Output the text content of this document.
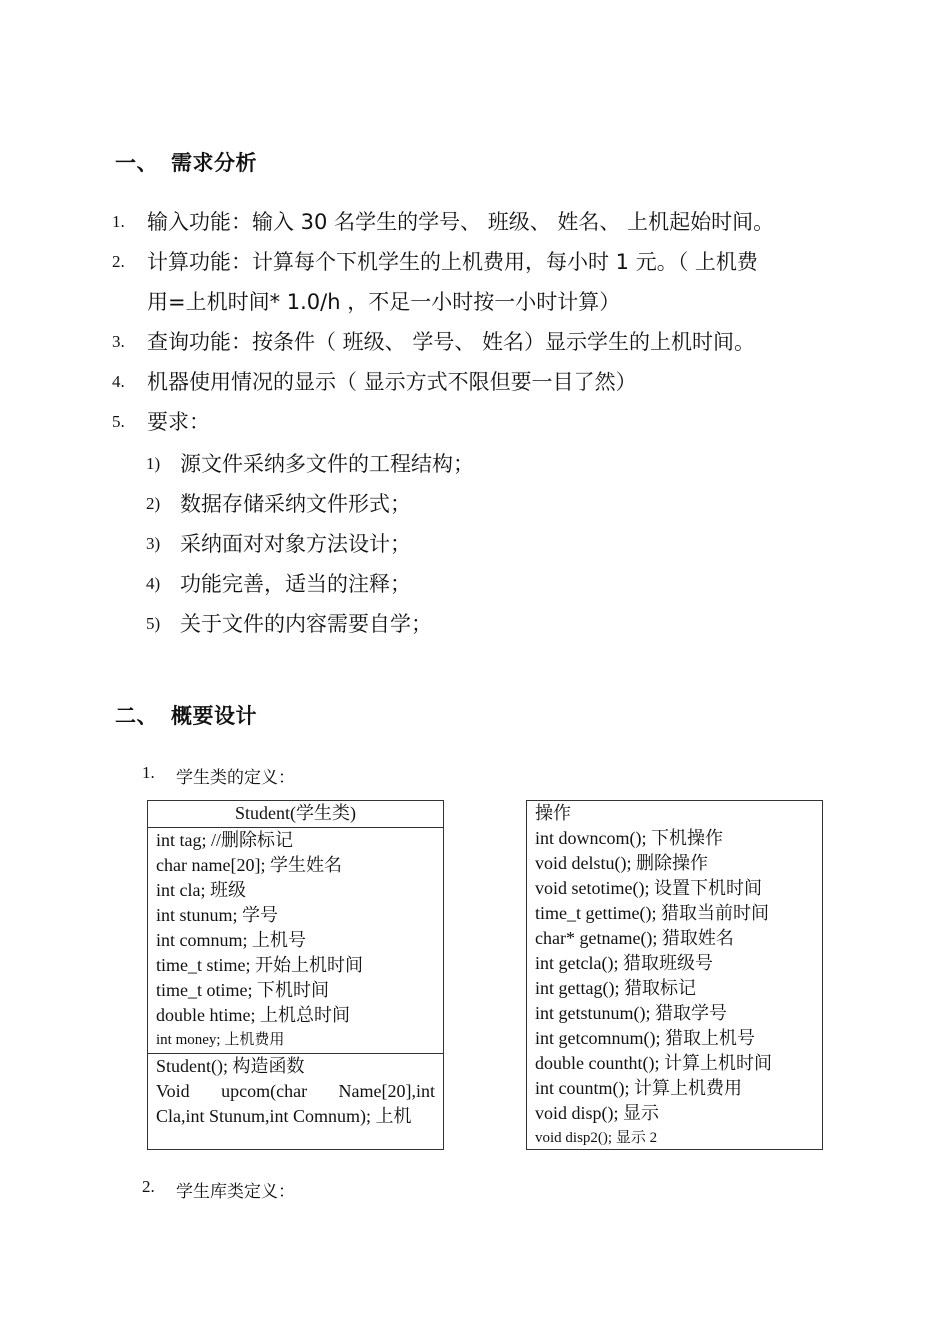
一、 需求分析
1.	输入功能：输入 30 名学生的学号、 班级、 姓名、 上机起始时间。
2.	计算功能：计算每个下机学生的上机费用，每小时 1 元。（ 上机费
用=上机时间* 1.0/h ，不足一小时按一小时计算）
3.	查询功能：按条件（ 班级、 学号、 姓名）显示学生的上机时间。
4.	机器使用情况的显示（ 显示方式不限但要一目了然）
5.	要求：
1) 源文件采纳多文件的工程结构；
2) 数据存储采纳文件形式；
3) 采纳面对对象方法设计；
4) 功能完善，适当的注释；
5) 关于文件的内容需要自学；
二、 概要设计
1.	学生类的定义：
Student(学生类)
int tag; //删除标记
char name[20]; 学生姓名
int cla; 班级
int stunum; 学号
int comnum; 上机号
time_t stime; 开始上机时间
time_t otime; 下机时间
double htime; 上机总时间
int money; 上机费用
Student(); 构造函数
Void    upcom(char    Name[20],int
Cla,int Stunum,int Comnum); 上机
操作
int downcom(); 下机操作
void delstu(); 删除操作
void setotime(); 设置下机时间
time_t gettime(); 猎取当前时间
char* getname(); 猎取姓名
int getcla(); 猎取班级号
int gettag(); 猎取标记
int getstunum(); 猎取学号
int getcomnum(); 猎取上机号
double countht(); 计算上机时间
int countm(); 计算上机费用
void disp(); 显示
void disp2(); 显示 2
2.	学生库类定义：
